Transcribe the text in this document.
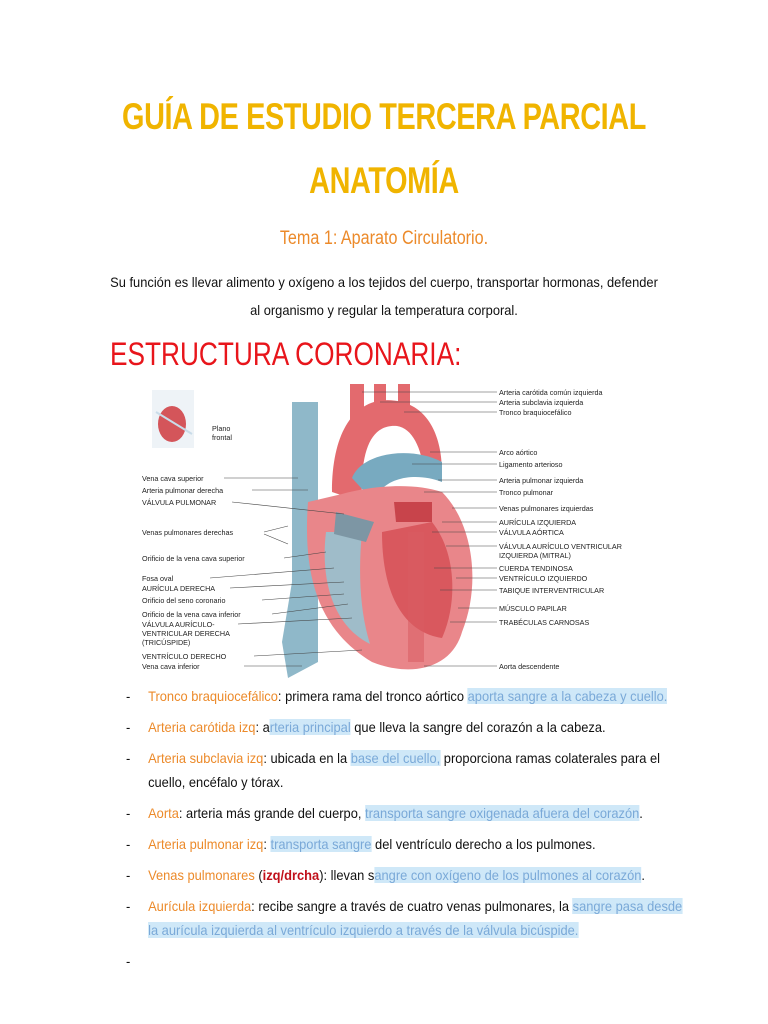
GUÍA DE ESTUDIO TERCERA PARCIAL
ANATOMÍA
Tema 1: Aparato Circulatorio.
Su función es llevar alimento y oxígeno a los tejidos del cuerpo, transportar hormonas, defender
al organismo y regular la temperatura corporal.
ESTRUCTURA CORONARIA:
Plano
frontal
Arteria carótida común izquierda
Arteria subclavia izquierda
Tronco braquiocefálico
Arco aórtico
Ligamento arterioso
Arteria pulmonar izquierda
Tronco pulmonar
Venas pulmonares izquierdas
AURÍCULA IZQUIERDA
VÁLVULA AÓRTICA
VÁLVULA AURÍCULO VENTRICULAR
IZQUIERDA (MITRAL)
CUERDA TENDINOSA
VENTRÍCULO IZQUIERDO
TABIQUE INTERVENTRICULAR
MÚSCULO PAPILAR
TRABÉCULAS CARNOSAS
Aorta descendente
Vena cava superior
Arteria pulmonar derecha
VÁLVULA PULMONAR
Venas pulmonares derechas
Orificio de la vena cava superior
Fosa oval
AURÍCULA DERECHA
Orificio del seno coronario
Orificio de la vena cava inferior
VÁLVULA AURÍCULO-
VENTRICULAR DERECHA
(TRICÚSPIDE)
VENTRÍCULO DERECHO
Vena cava inferior
- Tronco braquiocefálico: primera rama del tronco aórtico aporta sangre a la cabeza y cuello.
- Arteria carótida izq: arteria principal que lleva la sangre del corazón a la cabeza.
- Arteria subclavia izq: ubicada en la base del cuello, proporciona ramas colaterales para el
cuello, encéfalo y tórax.
- Aorta: arteria más grande del cuerpo, transporta sangre oxigenada afuera del corazón.
- Arteria pulmonar izq: transporta sangre del ventrículo derecho a los pulmones.
- Venas pulmonares (izq/drcha): llevan sangre con oxígeno de los pulmones al corazón.
- Aurícula izquierda: recibe sangre a través de cuatro venas pulmonares, la sangre pasa desde
la aurícula izquierda al ventrículo izquierdo a través de la válvula bicúspide.
-
